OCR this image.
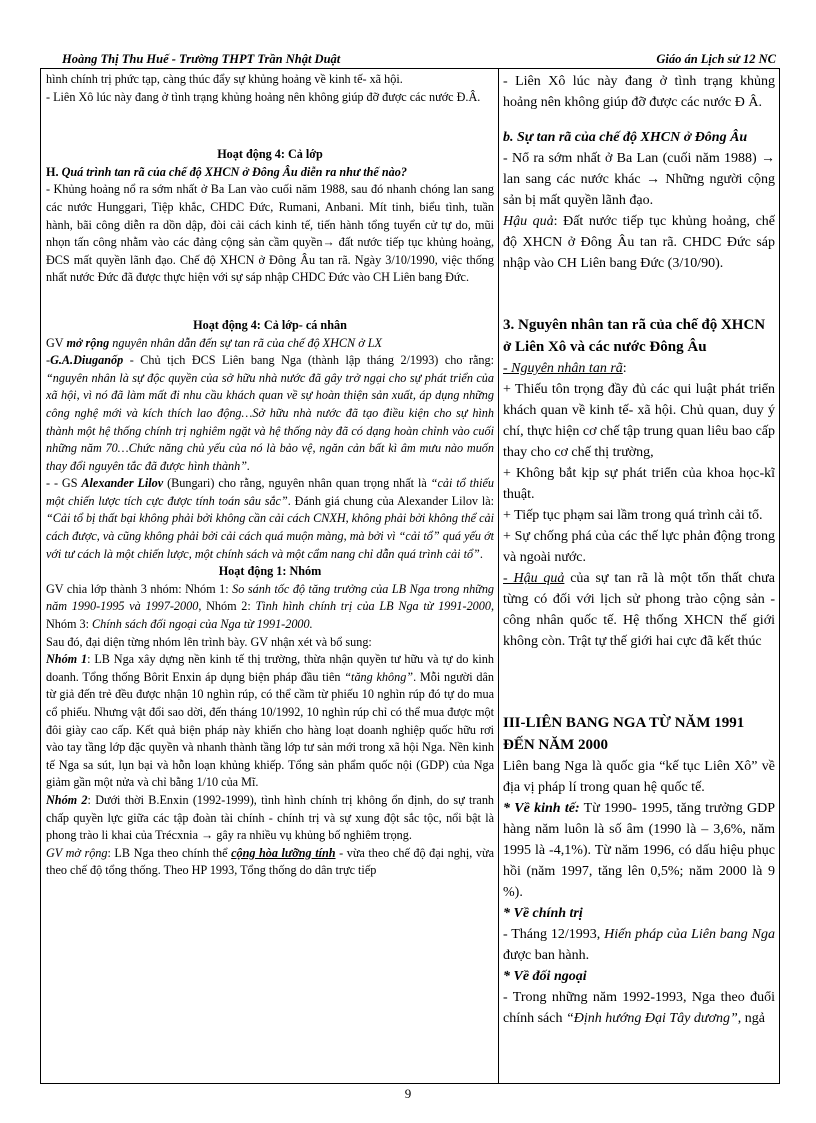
Hoàng Thị Thu Huế - Trường THPT Trần Nhật Duật	Giáo án Lịch sử 12 NC

hình chính trị phức tạp, càng thúc đẩy sự khủng hoảng về kinh tế- xã hội.

- Liên Xô lúc này đang ở tình trạng khủng hoảng nên không giúp đỡ được các nước Đ.Â.

Hoạt động 4: Cả lớp

H. Quá trình tan rã của chế độ XHCN ở Đông Âu diễn ra như thế nào?

- Khủng hoảng nổ ra sớm nhất ở Ba Lan vào cuối năm 1988, sau đó nhanh chóng lan sang các nước Hunggari, Tiệp khắc, CHDC Đức, Rumani, Anbani. Mít tinh, biểu tình, tuần hành, bãi công diễn ra dồn dập, đòi cải cách kinh tế, tiến hành tổng tuyển cử tự do, mũi nhọn tấn công nhằm vào các đảng cộng sản cầm quyền→ đất nước tiếp tục khủng hoảng, ĐCS mất quyền lãnh đạo. Chế độ XHCN ở Đông Âu tan rã. Ngày 3/10/1990, việc thống nhất nước Đức đã được thực hiện với sự sáp nhập CHDC Đức vào CH Liên bang Đức.

Hoạt động 4: Cả lớp- cá nhân

GV mở rộng nguyên nhân dẫn đến sự tan rã của chế độ XHCN ở LX

-G.A.Diuganốp - Chủ tịch ĐCS Liên bang Nga (thành lập tháng 2/1993) cho rằng: “nguyên nhân là sự độc quyền của sở hữu nhà nước đã gây trở ngại cho sự phát triển của xã hội, vì nó đã làm mất đi nhu cầu khách quan về sự hoàn thiện sản xuất, áp dụng những công nghệ mới và kích thích lao động…Sở hữu nhà nước đã tạo điều kiện cho sự hình thành một hệ thống chính trị nghiêm ngặt và hệ thống này đã có dạng hoàn chỉnh vào cuối những năm 70…Chức năng chủ yếu của nó là bảo vệ, ngăn cản bất kì âm mưu nào muốn thay đổi nguyên tắc đã được hình thành”.

- - GS Alexander Lilov (Bungari) cho rằng, nguyên nhân quan trọng nhất là “cải tổ thiếu một chiến lược tích cực được tính toán sâu sắc”. Đánh giá chung của Alexander Lilov là: “Cải tổ bị thất bại không phải bởi không cần cải cách CNXH, không phải bởi không thể cải cách được, và cũng không phải bởi cải cách quá muộn màng, mà bởi vì “cải tổ” quá yếu ớt với tư cách là một chiến lược, một chính sách và một cẩm nang chỉ dẫn quá trình cải tổ”.

Hoạt động 1: Nhóm

GV chia lớp thành 3 nhóm: Nhóm 1: So sánh tốc độ tăng trưởng của LB Nga trong những năm 1990-1995 và 1997-2000, Nhóm 2: Tình hình chính trị của LB Nga từ 1991-2000, Nhóm 3: Chính sách đối ngoại của Nga từ 1991-2000.

Sau đó, đại diện từng nhóm lên trình bày. GV nhận xét và bổ sung:

Nhóm 1: LB Nga xây dựng nền kinh tế thị trường, thừa nhận quyền tư hữu và tự do kinh doanh. Tổng thống Bôrit Enxin áp dụng biện pháp đầu tiên “tăng không”. Mỗi người dân từ giả đến trẻ đều được nhận 10 nghìn rúp, có thể cầm từ phiếu 10 nghìn rúp đó tự do mua cổ phiếu. Nhưng vật đổi sao dời, đến tháng 10/1992, 10 nghìn rúp chỉ có thể mua được một đôi giày cao cấp. Kết quả biện pháp này khiến cho hàng loạt doanh nghiệp quốc hữu rơi vào tay tầng lớp đặc quyền và nhanh thành tầng lớp tư sản mới trong xã hội Nga. Nền kinh tế Nga sa sút, lụn bại và hỗn loạn khủng khiếp. Tổng sản phẩm quốc nội (GDP) của Nga giảm gần một nửa và chỉ bằng 1/10 của Mĩ.

Nhóm 2: Dưới thời B.Enxin (1992-1999), tình hình chính trị không ổn định, do sự tranh chấp quyền lực giữa các tập đoàn tài chính - chính trị và sự xung đột sắc tộc, nổi bật là phong trào li khai của Trécxnia → gây ra nhiều vụ khủng bố nghiêm trọng.

GV mở rộng: LB Nga theo chính thể cộng hòa lưỡng tính - vừa theo chế độ đại nghị, vừa theo chế độ tổng thống. Theo HP 1993, Tổng thống do dân trực tiếp

- Liên Xô lúc này đang ở tình trạng khủng hoảng nên không giúp đỡ được các nước Đ Â.

b. Sự tan rã của chế độ XHCN ở Đông Âu

- Nổ ra sớm nhất ở Ba Lan (cuối năm 1988) → lan sang các nước khác → Những người cộng sản bị mất quyền lãnh đạo.

Hậu quả: Đất nước tiếp tục khủng hoảng, chế độ XHCN ở Đông Âu tan rã. CHDC Đức sáp nhập vào CH Liên bang Đức (3/10/90).

3. Nguyên nhân tan rã của chế độ XHCN ở Liên Xô và các nước Đông Âu

- Nguyên nhân tan rã:

+ Thiếu tôn trọng đầy đủ các qui luật phát triển khách quan về kinh tế- xã hội. Chủ quan, duy ý chí, thực hiện cơ chế tập trung quan liêu bao cấp thay cho cơ chế thị trường,

+ Không bắt kịp sự phát triển của khoa học-kĩ thuật.

+ Tiếp tục phạm sai lầm trong quá trình cải tổ.

+ Sự chống phá của các thế lực phản động trong và ngoài nước.

- Hậu quả của sự tan rã là một tổn thất chưa từng có đối với lịch sử phong trào cộng sản - công nhân quốc tế. Hệ thống XHCN thế giới không còn. Trật tự thế giới hai cực đã kết thúc

III-LIÊN BANG NGA TỪ NĂM 1991 ĐẾN NĂM 2000

Liên bang Nga là quốc gia “kế tục Liên Xô” về địa vị pháp lí trong quan hệ quốc tế.

* Về kinh tế: Từ 1990- 1995, tăng trưởng GDP hàng năm luôn là số âm (1990 là – 3,6%, năm 1995 là -4,1%). Từ năm 1996, có dấu hiệu phục hồi (năm 1997, tăng lên 0,5%; năm 2000 là 9 %).

* Về chính trị

- Tháng 12/1993, Hiến pháp của Liên bang Nga được ban hành.

* Về đối ngoại

- Trong những năm 1992-1993, Nga theo đuổi chính sách “Định hướng Đại Tây dương”, ngả

9
